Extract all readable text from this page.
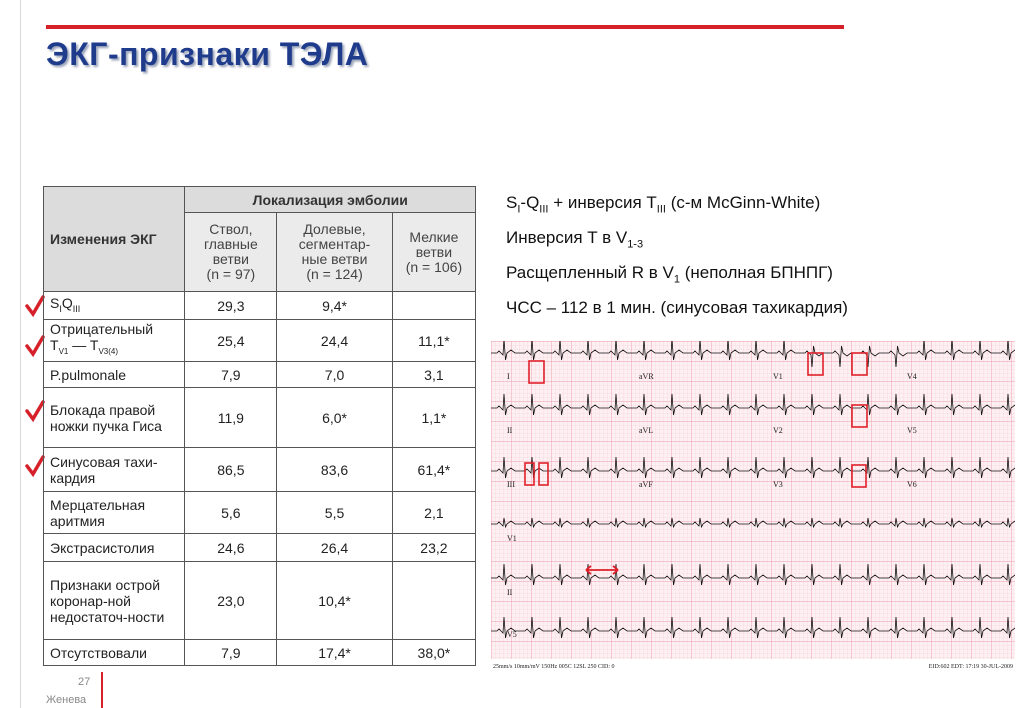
ЭКГ-признаки ТЭЛА
Изменения ЭКГ	Локализация эмболии		
	Ствол,
главные
ветви
(n = 97)	Долевые,
сегментар-
ные ветви
(n = 124)	Мелкие
ветви
(n = 106)
$S_IQ_{III}$	29,3	9,4*	
Отрицательный
$T_{V1}$ — $T_{V3(4)}$	25,4	24,4	11,1*
P.pulmonale	7,9	7,0	3,1
Блокада правой ножки пучка Гиса	11,9	6,0*	1,1*
Синусовая тахи-кардия	86,5	83,6	61,4*
Мерцательная аритмия	5,6	5,5	2,1
Экстрасистолия	24,6	26,4	23,2
Признаки острой коронар-ной недостаточ-ности	23,0	10,4*	
Отсутствовали	7,9	17,4*	38,0*
$S_I-Q_{III}$ + инверсия $T_{III}$ (c-м McGinn-White)
Инверсия T в $V_{1-3}$
Расщепленный R в $V_1$ (неполная БПНПГ)
ЧСС – 112 в 1 мин. (синусовая тахикардия)
I	aVR	V1	V4
II	aVL	V2	V5
III	aVF	V3	V6
V1
II
V5
25mm/s 10mm/mV 150Hz 005C 12SL 250 CID: 0	EID:602 EDT: 17:19 30-JUL-2009
27
Женева
